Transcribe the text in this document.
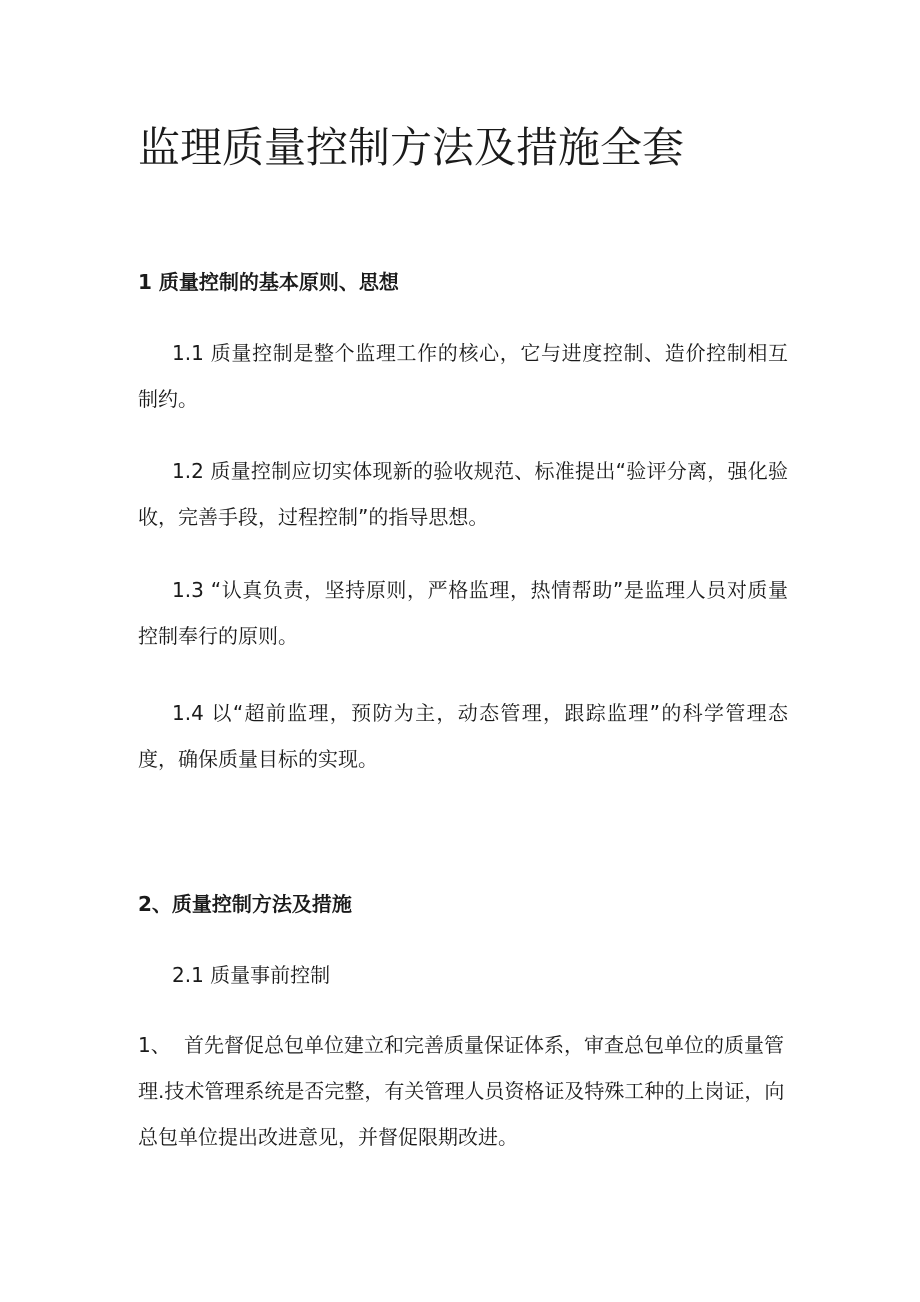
监理质量控制方法及措施全套
1 质量控制的基本原则、思想

1.1 质量控制是整个监理工作的核心，它与进度控制、造价控制相互制约。

1.2 质量控制应切实体现新的验收规范、标准提出“验评分离，强化验收，完善手段，过程控制”的指导思想。

1.3 “认真负责，坚持原则，严格监理，热情帮助”是监理人员对质量控制奉行的原则。

1.4 以“超前监理，预防为主，动态管理，跟踪监理”的科学管理态度，确保质量目标的实现。

2、质量控制方法及措施

2.1 质量事前控制

1、 首先督促总包单位建立和完善质量保证体系，审查总包单位的质量管理.技术管理系统是否完整，有关管理人员资格证及特殊工种的上岗证，向总包单位提出改进意见，并督促限期改进。
